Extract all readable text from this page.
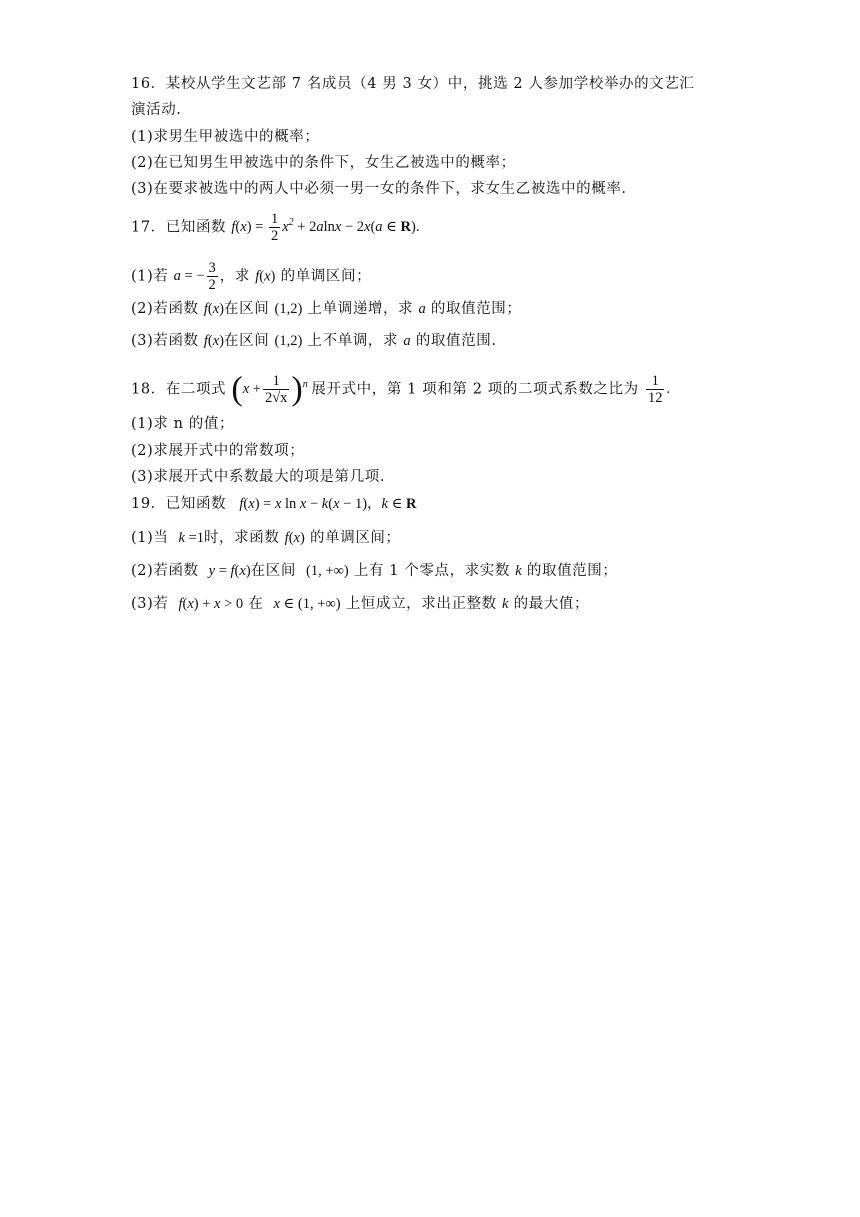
16．某校从学生文艺部 7 名成员（4 男 3 女）中，挑选 2 人参加学校举办的文艺汇
演活动.
(1)求男生甲被选中的概率；
(2)在已知男生甲被选中的条件下，女生乙被选中的概率；
(3)在要求被选中的两人中必须一男一女的条件下，求女生乙被选中的概率.
17．已知函数 $f(x) = \frac{1}{2} x^2 + 2alnx - 2x(a$ ∈ R).
(1)若 a = − $\frac{3}{2}$ ，求 f(x) 的单调区间；
(2)若函数 f(x)在区间 (1,2) 上单调递增，求 a 的取值范围；
(3)若函数 f(x)在区间 (1,2) 上不单调，求 a 的取值范围.
18．在二项式 $(x + \frac{1}{2√x} )^n$ 展开式中，第 1 项和第 2 项的二项式系数之比为 $\frac{1}{12}$ .
(1)求 n 的值；
(2)求展开式中的常数项；
(3)求展开式中系数最大的项是第几项.
19．已知函数 f(x) = x ln x − k(x − 1)，k ∈ R
(1)当 k =1时，求函数 f(x) 的单调区间；
(2)若函数 y = f(x)在区间 (1, +∞) 上有 1 个零点，求实数 k 的取值范围；
(3)若 f(x) + x > 0 在 x ∈ (1, +∞) 上恒成立，求出正整数 k 的最大值；
